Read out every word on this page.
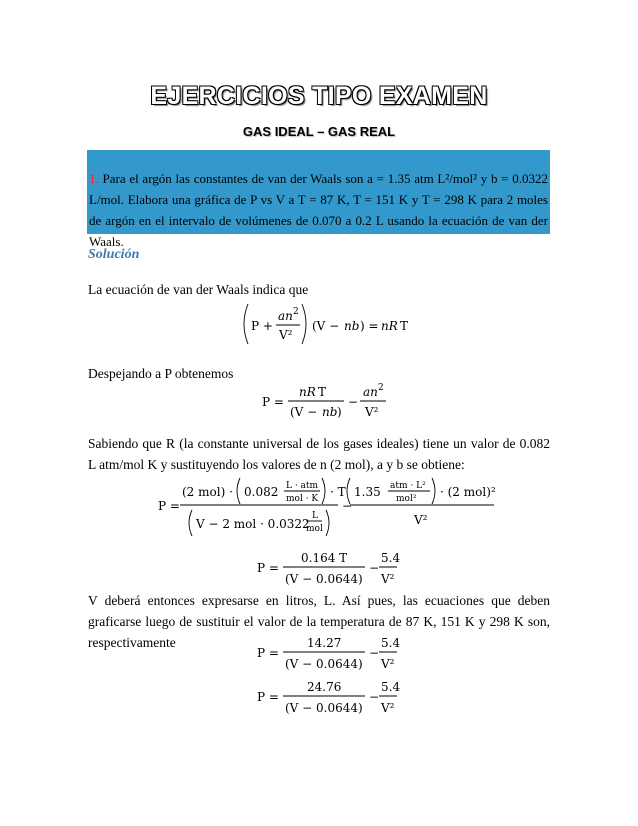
EJERCICIOS TIPO EXAMEN
GAS IDEAL – GAS REAL
1. Para el argón las constantes de van der Waals son a = 1.35 atm L²/mol² y b = 0.0322 L/mol. Elabora una gráfica de P vs V a T = 87 K, T = 151 K y T = 298 K para 2 moles de argón en el intervalo de volúmenes de 0.070 a 0.2 L usando la ecuación de van der Waals.
Solución
La ecuación de van der Waals indica que
P +
an 2
V²
(V − nb ) = nR T
Despejando a P obtenemos
P =
nR T
(V − nb )
−
an 2
V²
Sabiendo que R (la constante universal de los gases ideales) tiene un valor de 0.082 L atm/mol K y sustituyendo los valores de n (2 mol), a y b se obtiene:
P =
(2 mol) · 0.082 L · atm
mol · K · T
V − 2 mol · 0.0322
L
mol
−
1.35 atm · L²
mol² · (2 mol)²
V²
P =
0.164 T
(V − 0.0644)
−
5.4
V²
V deberá entonces expresarse en litros, L. Así pues, las ecuaciones que deben graficarse luego de sustituir el valor de la temperatura de 87 K, 151 K y 298 K son, respectivamente
P =
14.27
(V − 0.0644)
−
5.4
V²
P =
24.76
(V − 0.0644)
−
5.4
V²
